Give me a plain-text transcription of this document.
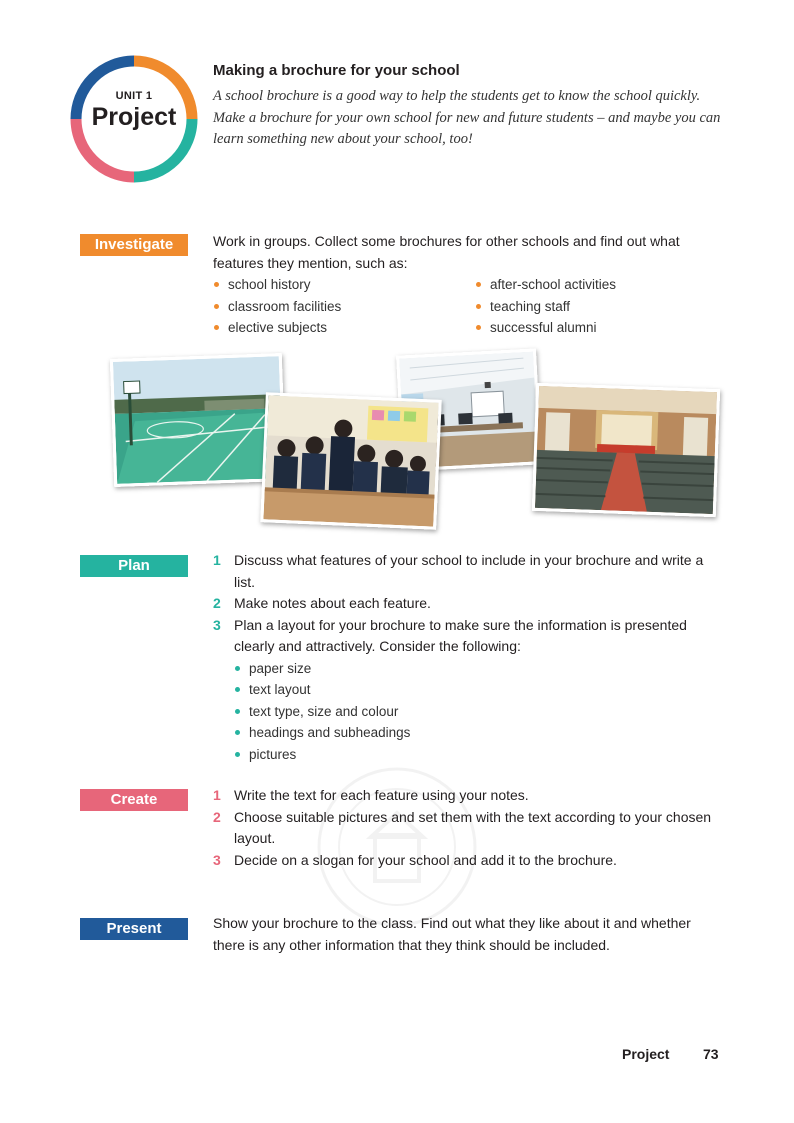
UNIT 1
Project
Making a brochure for your school
A school brochure is a good way to help the students get to know the school quickly. Make a brochure for your own school for new and future students – and maybe you can learn something new about your school, too!
Investigate	Work in groups. Collect some brochures for other schools and find out what features they mention, such as:
school history
classroom facilities
elective subjects
after-school activities
teaching staff
successful alumni
Plan	1 Discuss what features of your school to include in your brochure and write a list.
2 Make notes about each feature.
3 Plan a layout for your brochure to make sure the information is presented clearly and attractively. Consider the following:
paper size
text layout
text type, size and colour
headings and subheadings
pictures
Create	1 Write the text for each feature using your notes.
2 Choose suitable pictures and set them with the text according to your chosen layout.
3 Decide on a slogan for your school and add it to the brochure.
Present	Show your brochure to the class. Find out what they like about it and whether there is any other information that they think should be included.
Project 73
